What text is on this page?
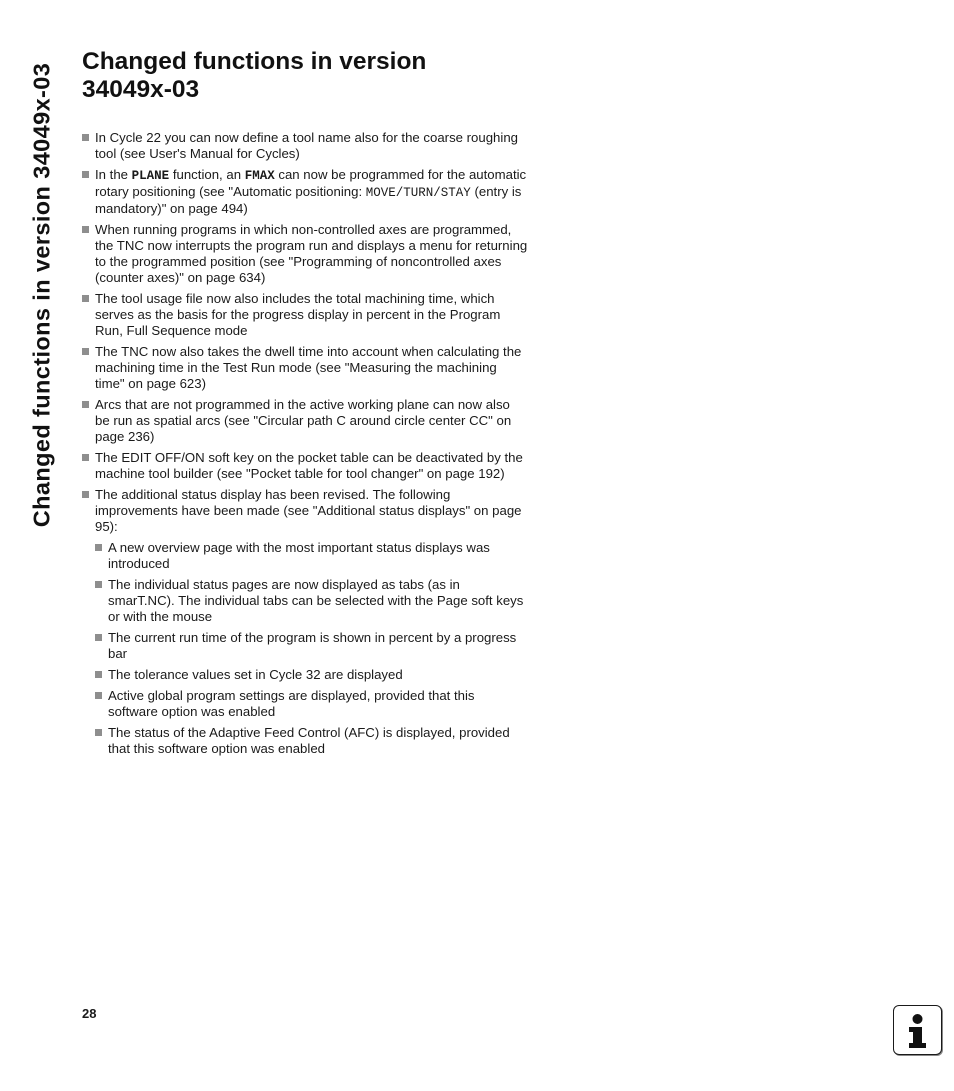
Changed functions in version 34049x-03
Changed functions in version
34049x-03
In Cycle 22 you can now define a tool name also for the coarse roughing tool (see User's Manual for Cycles)
In the PLANE function, an FMAX can now be programmed for the automatic rotary positioning (see "Automatic positioning: MOVE/TURN/STAY (entry is mandatory)" on page 494)
When running programs in which non-controlled axes are programmed, the TNC now interrupts the program run and displays a menu for returning to the programmed position (see "Programming of noncontrolled axes (counter axes)" on page 634)
The tool usage file now also includes the total machining time, which serves as the basis for the progress display in percent in the Program Run, Full Sequence mode
The TNC now also takes the dwell time into account when calculating the machining time in the Test Run mode (see "Measuring the machining time" on page 623)
Arcs that are not programmed in the active working plane can now also be run as spatial arcs (see "Circular path C around circle center CC" on page 236)
The EDIT OFF/ON soft key on the pocket table can be deactivated by the machine tool builder (see "Pocket table for tool changer" on page 192)
The additional status display has been revised. The following improvements have been made (see "Additional status displays" on page 95):
A new overview page with the most important status displays was introduced
The individual status pages are now displayed as tabs (as in smarT.NC). The individual tabs can be selected with the Page soft keys or with the mouse
The current run time of the program is shown in percent by a progress bar
The tolerance values set in Cycle 32 are displayed
Active global program settings are displayed, provided that this software option was enabled
The status of the Adaptive Feed Control (AFC) is displayed, provided that this software option was enabled
28
